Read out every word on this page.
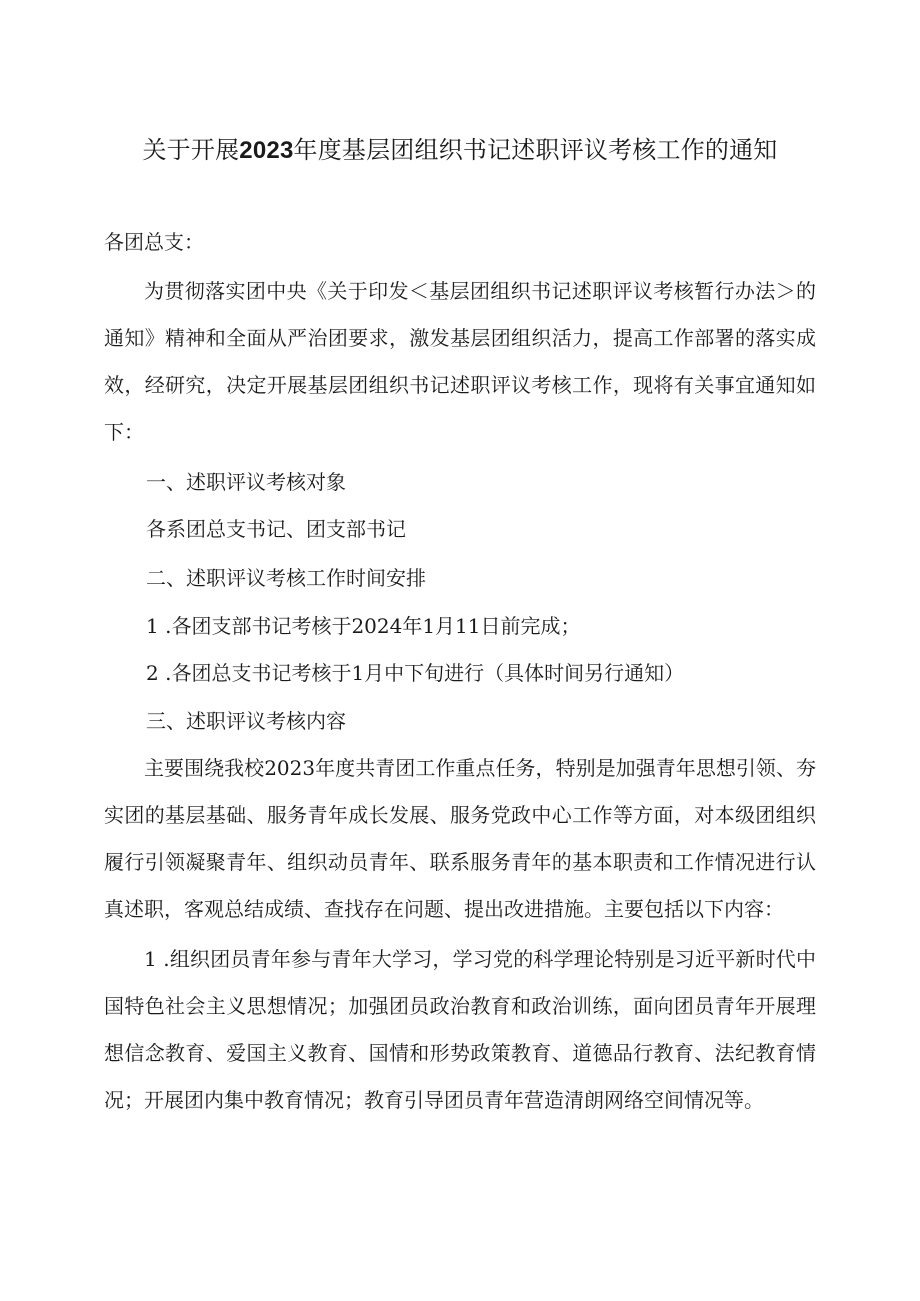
关于开展2023年度基层团组织书记述职评议考核工作的通知

各团总支：

为贯彻落实团中央《关于印发＜基层团组织书记述职评议考核暂行办法＞的通知》精神和全面从严治团要求，激发基层团组织活力，提高工作部署的落实成效，经研究，决定开展基层团组织书记述职评议考核工作，现将有关事宜通知如下：

一、述职评议考核对象

各系团总支书记、团支部书记

二、述职评议考核工作时间安排

1 .各团支部书记考核于2024年1月11日前完成；

2 .各团总支书记考核于1月中下旬进行（具体时间另行通知）

三、述职评议考核内容

主要围绕我校2023年度共青团工作重点任务，特别是加强青年思想引领、夯实团的基层基础、服务青年成长发展、服务党政中心工作等方面，对本级团组织履行引领凝聚青年、组织动员青年、联系服务青年的基本职责和工作情况进行认真述职，客观总结成绩、查找存在问题、提出改进措施。主要包括以下内容：

1 .组织团员青年参与青年大学习，学习党的科学理论特别是习近平新时代中国特色社会主义思想情况；加强团员政治教育和政治训练，面向团员青年开展理想信念教育、爱国主义教育、国情和形势政策教育、道德品行教育、法纪教育情况；开展团内集中教育情况；教育引导团员青年营造清朗网络空间情况等。
